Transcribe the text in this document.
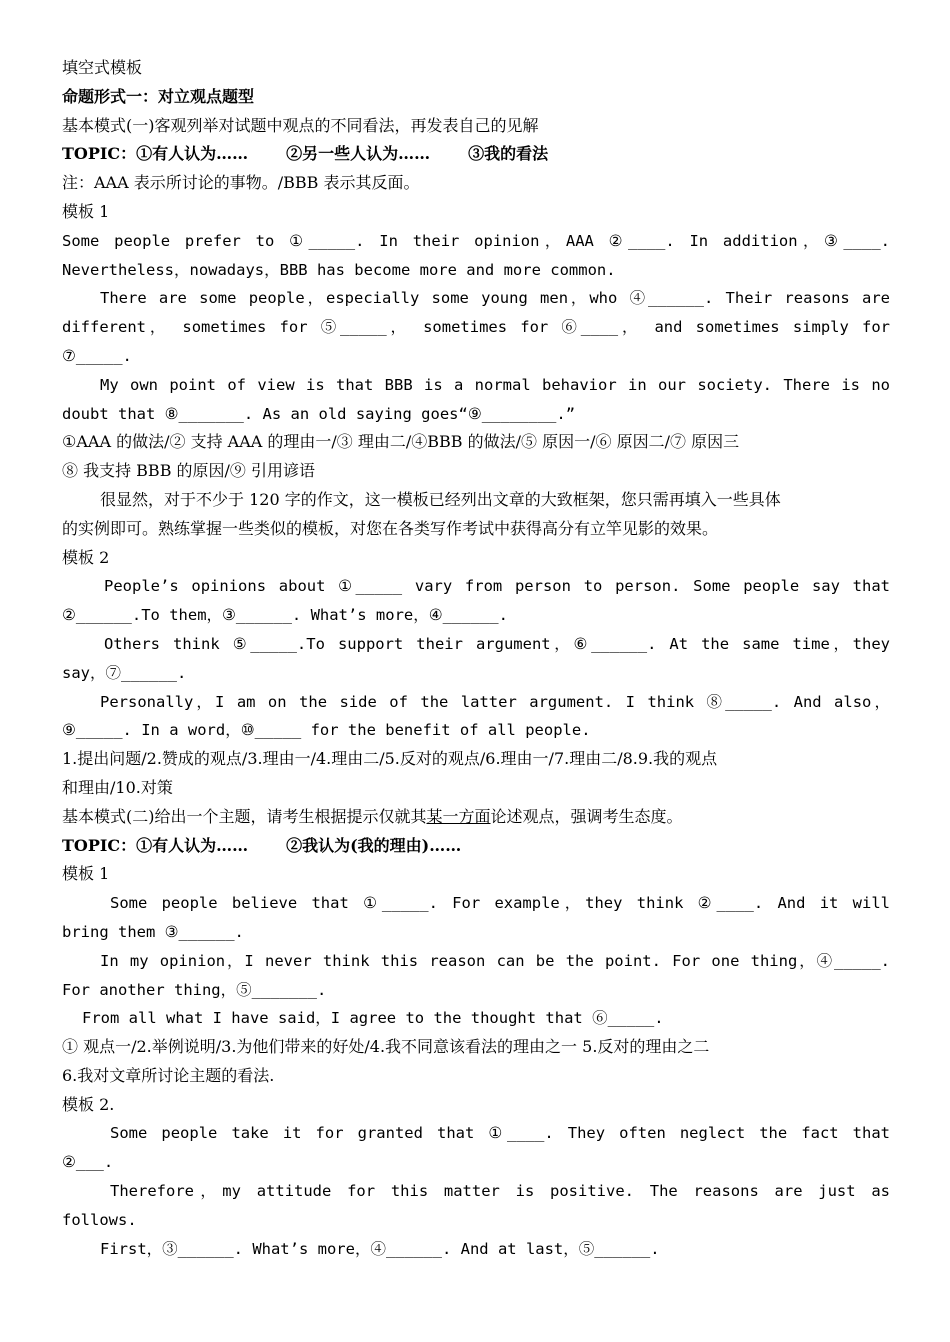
填空式模板
命题形式一：对立观点题型
基本模式(一)客观列举对试题中观点的不同看法，再发表自己的见解
TOPIC：①有人认为…… ②另一些人认为…… ③我的看法
注：AAA 表示所讨论的事物。/BBB 表示其反面。
模板 1
Some people prefer to ①_____. In their opinion，AAA ②____. In addition，③____.
Nevertheless，nowadays，BBB has become more and more common.
There are some people，especially some young men，who ④______. Their reasons are
different， sometimes for ⑤_____， sometimes for ⑥____， and sometimes simply for
⑦_____.
My own point of view is that BBB is a normal behavior in our society. There is no
doubt that ⑧_______. As an old saying goes“⑨________.”
①AAA 的做法/② 支持 AAA 的理由一/③ 理由二/④BBB 的做法/⑤ 原因一/⑥ 原因二/⑦ 原因三
⑧ 我支持 BBB 的原因/⑨ 引用谚语
很显然，对于不少于 120 字的作文，这一模板已经列出文章的大致框架，您只需再填入一些具体
的实例即可。熟练掌握一些类似的模板，对您在各类写作考试中获得高分有立竿见影的效果。
模板 2
People’s opinions about ①_____ vary from person to person. Some people say that
②______.To them，③______. What’s more，④______.
Others think ⑤_____.To support their argument，⑥______. At the same time，they
say，⑦______.
Personally，I am on the side of the latter argument. I think ⑧_____. And also，
⑨_____. In a word，⑩_____ for the benefit of all people.
1.提出问题/2.赞成的观点/3.理由一/4.理由二/5.反对的观点/6.理由一/7.理由二/8.9.我的观点
和理由/10.对策
基本模式(二)给出一个主题，请考生根据提示仅就其某一方面论述观点，强调考生态度。
TOPIC：①有人认为…… ②我认为(我的理由)……
模板 1
Some people believe that ①_____. For example，they think ②____. And it will
bring them ③______.
In my opinion，I never think this reason can be the point. For one thing，④_____.
For another thing，⑤_______.
From all what I have said，I agree to the thought that ⑥_____.
① 观点一/2.举例说明/3.为他们带来的好处/4.我不同意该看法的理由之一 5.反对的理由之二
6.我对文章所讨论主题的看法.
模板 2.
Some people take it for granted that ①____. They often neglect the fact that
②___.
Therefore，my attitude for this matter is positive. The reasons are just as
follows.
First，③______. What’s more，④______. And at last，⑤______.
